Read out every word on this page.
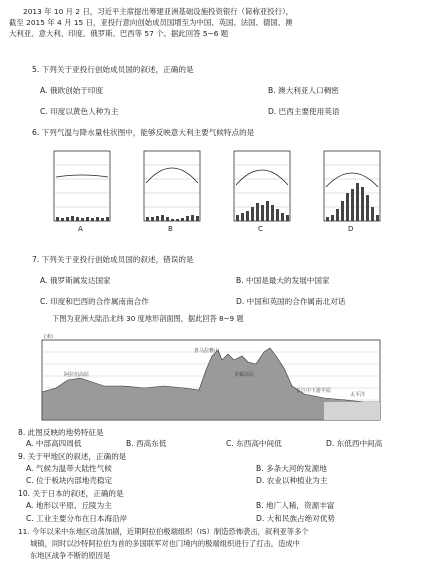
2013 年 10 月 2 日，习近平主席提出筹建亚洲基础设施投资银行（简称亚投行），
截至 2015 年 4 月 15 日，亚投行意向创始成员国增至为中国、英国、法国、德国、澳
大利亚、意大利、印度、俄罗斯、巴西等 57 个。据此回答 5~6 题
5. 下列关于亚投行创始成员国的叙述，正确的是
A. 俄欧创始于印度	B. 澳大利亚人口稠密
C. 印度以黄色人种为主	D. 巴西主要使用英语
6. 下列气温与降水量柱状图中，能够反映意大利主要气候特点的是
A	B	C	D
7. 下列关于亚投行创始成员国的叙述，错误的是
A. 俄罗斯属发达国家	B. 中国是最大的发展中国家
C. 印度和巴西的合作属南南合作	D. 中国和英国的合作属南北对话
下图为亚洲大陆沿北纬 30 度地形剖面图，据此回答 8~9 题
(米)
阿拉伯高原
喜马拉雅山
青藏高原
长江中下游平原
太平洋
8. 此图反映的地势特征是
A. 中部高四周低	B. 西高东低	C. 东西高中间低	D. 东低西中间高
9. 关于甲地区的叙述，正确的是
A. 气候为温带大陆性气候	B. 多条大河的发源地
C. 位于板块内部地壳稳定	D. 农业以种植业为主
10. 关于日本的叙述，正确的是
A. 地形以平原、丘陵为主	B. 地广人稀，资源丰富
C. 工业主要分布在日本海沿岸	D. 大和民族占绝对优势
11. 今年以来中东地区动荡加剧，近期阿拉伯极端组织（IS）制造恐怖袭击，叙利亚等多个
城镇，同时以沙特阿拉伯为首的多国联军对也门境内的极端组织进行了打击，造成中
东地区战争不断的原因是
